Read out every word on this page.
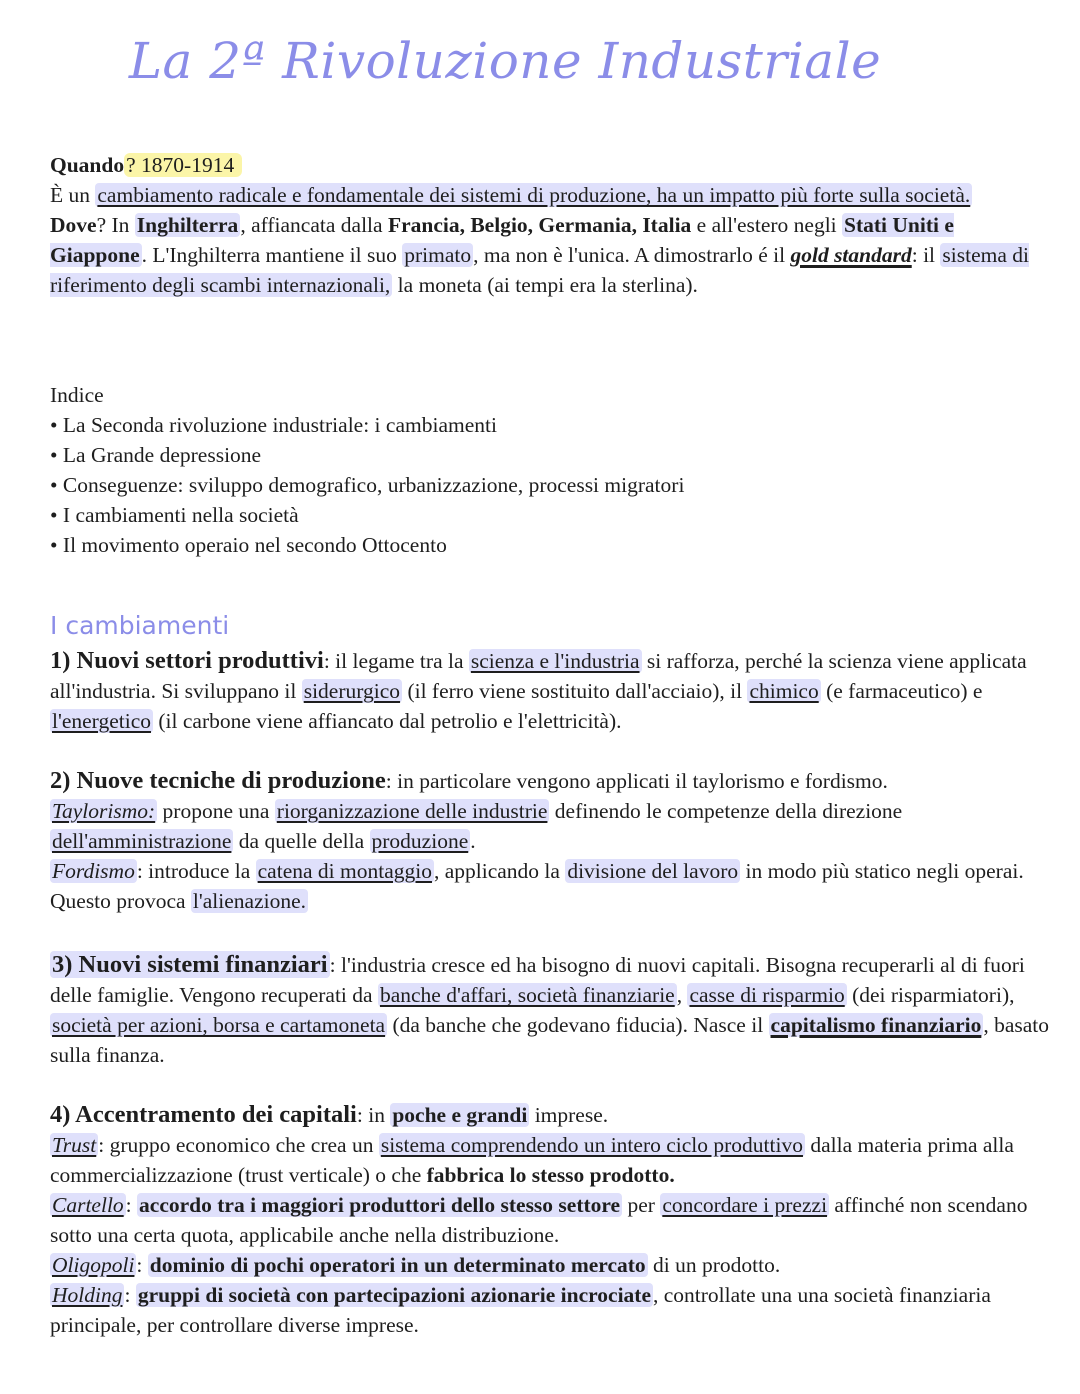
La 2ª Rivoluzione Industriale

Quando? 1870-1914

È un cambiamento radicale e fondamentale dei sistemi di produzione, ha un impatto più forte sulla società.

Dove? In Inghilterra, affiancata dalla Francia, Belgio, Germania, Italia e all'estero negli Stati Uniti e Giappone. L'Inghilterra mantiene il suo primato, ma non è l'unica. A dimostrarlo é il gold standard: il sistema di riferimento degli scambi internazionali, la moneta (ai tempi era la sterlina).

Indice

• La Seconda rivoluzione industriale: i cambiamenti
• La Grande depressione
• Conseguenze: sviluppo demografico, urbanizzazione, processi migratori
• I cambiamenti nella società
• Il movimento operaio nel secondo Ottocento
I cambiamenti

1) Nuovi settori produttivi: il legame tra la scienza e l'industria si rafforza, perché la scienza viene applicata all'industria. Si sviluppano il siderurgico (il ferro viene sostituito dall'acciaio), il chimico (e farmaceutico) e l'energetico (il carbone viene affiancato dal petrolio e l'elettricità).

2) Nuove tecniche di produzione: in particolare vengono applicati il taylorismo e fordismo.

Taylorismo: propone una riorganizzazione delle industrie definendo le competenze della direzione dell'amministrazione da quelle della produzione.

Fordismo: introduce la catena di montaggio, applicando la divisione del lavoro in modo più statico negli operai. Questo provoca l'alienazione.

3) Nuovi sistemi finanziari: l'industria cresce ed ha bisogno di nuovi capitali. Bisogna recuperarli al di fuori delle famiglie. Vengono recuperati da banche d'affari, società finanziarie, casse di risparmio (dei risparmiatori), società per azioni, borsa e cartamoneta (da banche che godevano fiducia). Nasce il capitalismo finanziario, basato sulla finanza.

4) Accentramento dei capitali: in poche e grandi imprese.

Trust: gruppo economico che crea un sistema comprendendo un intero ciclo produttivo dalla materia prima alla commercializzazione (trust verticale) o che fabbrica lo stesso prodotto.

Cartello: accordo tra i maggiori produttori dello stesso settore per concordare i prezzi affinché non scendano sotto una certa quota, applicabile anche nella distribuzione.

Oligopoli: dominio di pochi operatori in un determinato mercato di un prodotto.

Holding: gruppi di società con partecipazioni azionarie incrociate, controllate una una società finanziaria principale, per controllare diverse imprese.
